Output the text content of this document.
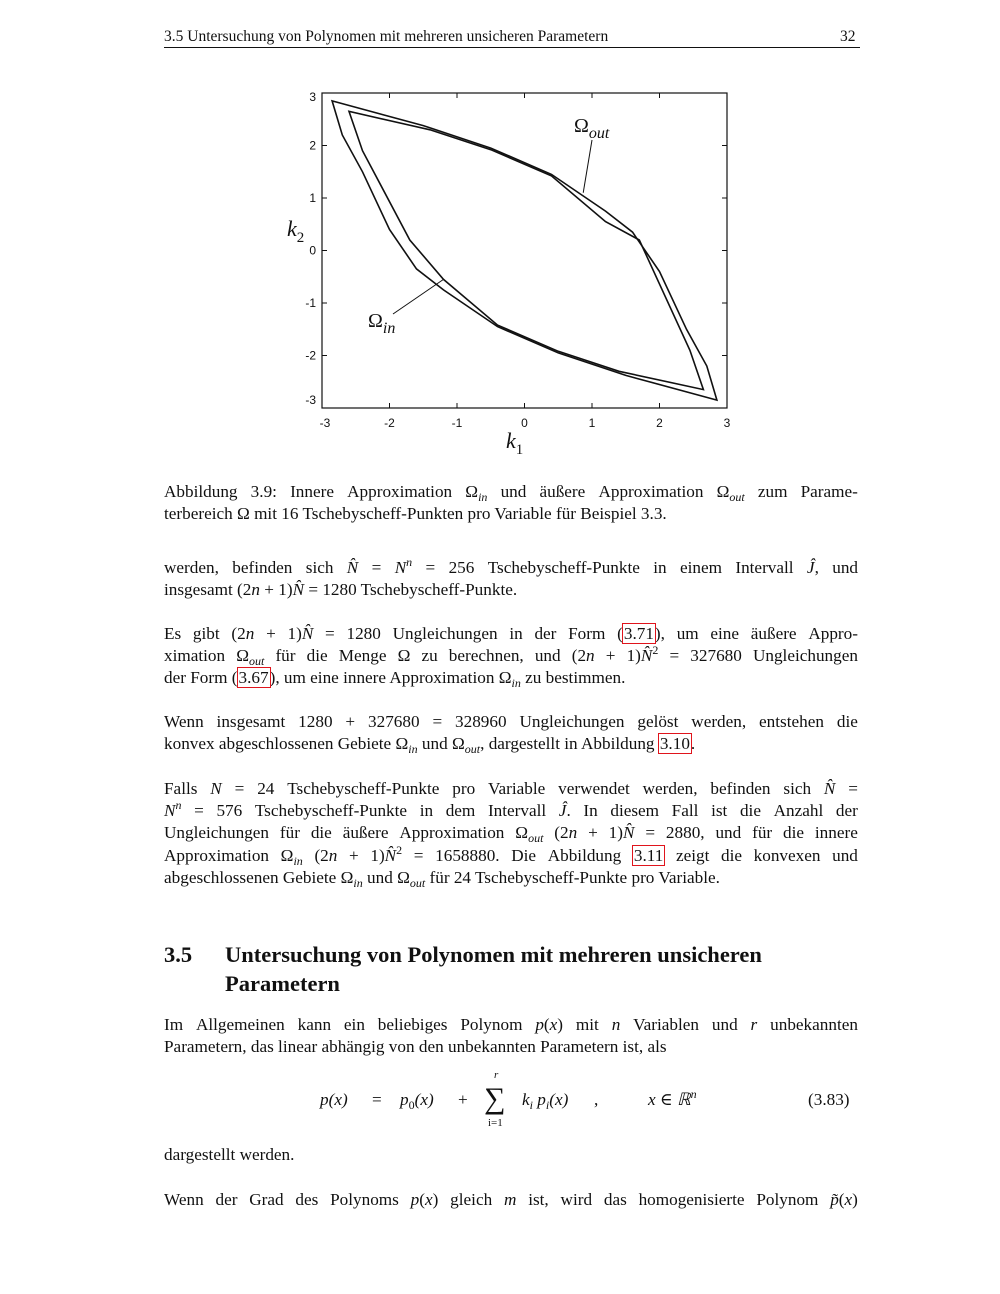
3.5 Untersuchung von Polynomen mit mehreren unsicheren Parametern	32
-3	-2	-1	0	1	2	3
3
2
1
0
-1
-2
-3
$k_1$
$k_2$
$\Omega_{out}$
$\Omega_{in}$
Abbildung 3.9: Innere Approximation $\Omega_{in}$ und äußere Approximation $\Omega_{out}$ zum Parame-
terbereich Ω mit 16 Tschebyscheff-Punkten pro Variable für Beispiel 3.3.
werden, befinden sich N̂ = $N^n = 256$ Tschebyscheff-Punkte in einem Intervall Ĵ, und
insgesamt (2n + 1)N̂ = 1280 Tschebyscheff-Punkte.
Es gibt (2n + 1)N̂ = 1280 Ungleichungen in der Form (3.71), um eine äußere Appro-
ximation $\Omega_{out}$ für die Menge Ω zu berechnen, und (2n + 1)N̂$^2$ = 327680 Ungleichungen
der Form (3.67), um eine innere Approximation $\Omega_{in}$ zu bestimmen.
Wenn insgesamt 1280 + 327680 = 328960 Ungleichungen gelöst werden, entstehen die
konvex abgeschlossenen Gebiete $\Omega_{in}$ und $\Omega_{out}$, dargestellt in Abbildung 3.10.
Falls N = 24 Tschebyscheff-Punkte pro Variable verwendet werden, befinden sich N̂ =
$N^n = 576$ Tschebyscheff-Punkte in dem Intervall Ĵ. In diesem Fall ist die Anzahl der
Ungleichungen für die äußere Approximation $\Omega_{out}$ (2n + 1)N̂ = 2880, und für die innere
Approximation $\Omega_{in}$ (2n + 1)N̂$^2$ = 1658880. Die Abbildung 3.11 zeigt die konvexen und
abgeschlossenen Gebiete $\Omega_{in}$ und $\Omega_{out}$ für 24 Tschebyscheff-Punkte pro Variable.
3.5 Untersuchung von Polynomen mit mehreren unsicheren Parametern
Im Allgemeinen kann ein beliebiges Polynom p(x) mit n Variablen und r unbekannten
Parametern, das linear abhängig von den unbekannten Parametern ist, als
$p(x) = p_0(x)$ +
r
∑
i=1
$k_i$ $p_i(x)$ ,	x ∈ ℝ$^n$	(3.83)
dargestellt werden.
Wenn der Grad des Polynoms p(x) gleich m ist, wird das homogenisierte Polynom p̃(x)
